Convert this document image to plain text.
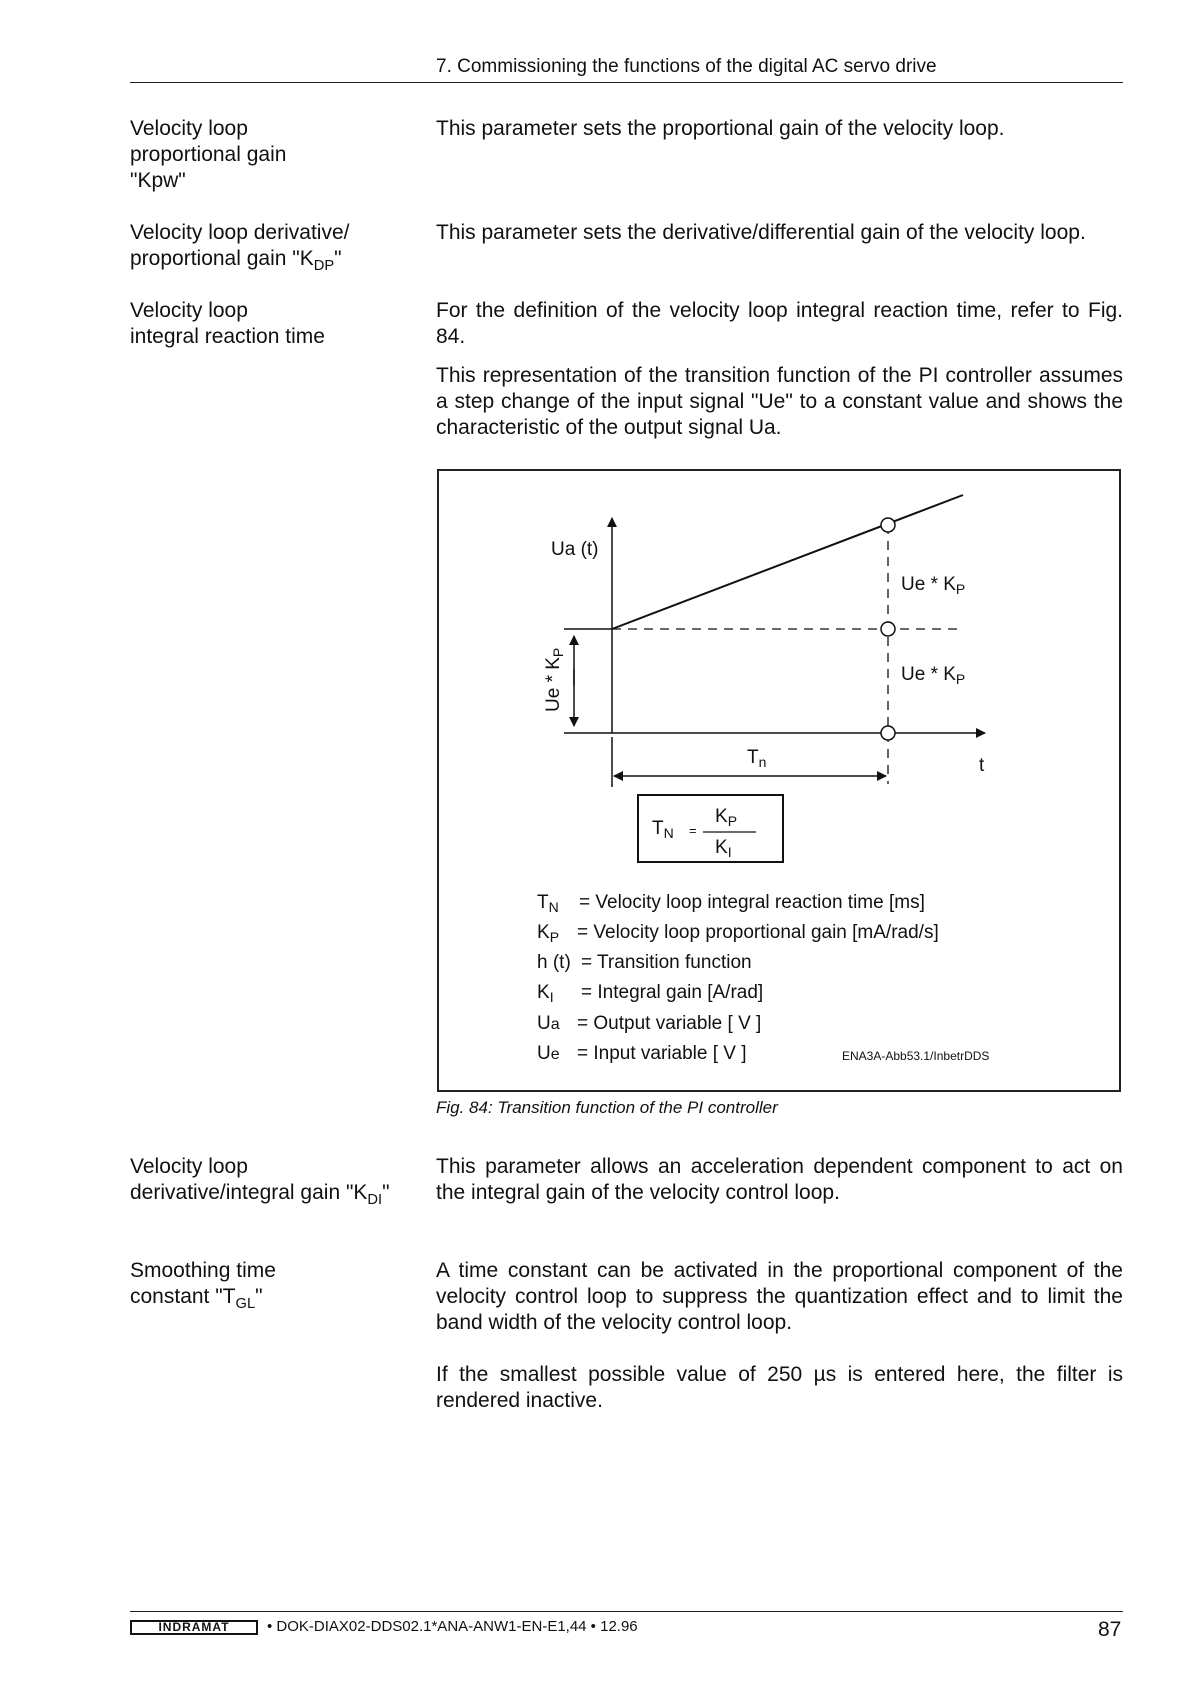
7. Commissioning the functions of the digital AC servo drive
Velocity loop
proportional gain
"Kpw"
This parameter sets the proportional gain of the velocity loop.
Velocity loop derivative/
proportional gain "$K_{DP}$"
This parameter sets the derivative/differential gain of the velocity loop.
Velocity loop
integral reaction time
For the definition of the velocity loop integral reaction time, refer to Fig. 84.
This representation of the transition function of the PI controller assumes a step change of the input signal "Ue" to a constant value and shows the characteristic of the output signal Ua.
Ua (t)
t
Ue * $K_P$
Ue * $K_P$
Ue * $K_P$
$T_n$
$T_N$ =
$K_P$
$K_I$
$T_N$ = Velocity loop integral reaction time [ms]
$K_P$ = Velocity loop proportional gain [mA/rad/s]
h (t) = Transition function
$K_I$ = Integral gain [A/rad]
Ua = Output variable [ V ]
Ue = Input variable [ V ]	ENA3A-Abb53.1/InbetrDDS
Fig. 84: Transition function of the PI controller
Velocity loop
derivative/integral gain "$K_{DI}$"
This parameter allows an acceleration dependent component to act on the integral gain of the velocity control loop.
Smoothing time
constant "$T_{GL}$"
A time constant can be activated in the proportional component of the velocity control loop to suppress the quantization effect and to limit the band width of the velocity control loop.
If the smallest possible value of 250 µs is entered here, the filter is rendered inactive.
INDRAMAT	• DOK-DIAX02-DDS02.1*ANA-ANW1-EN-E1,44 • 12.96	87
